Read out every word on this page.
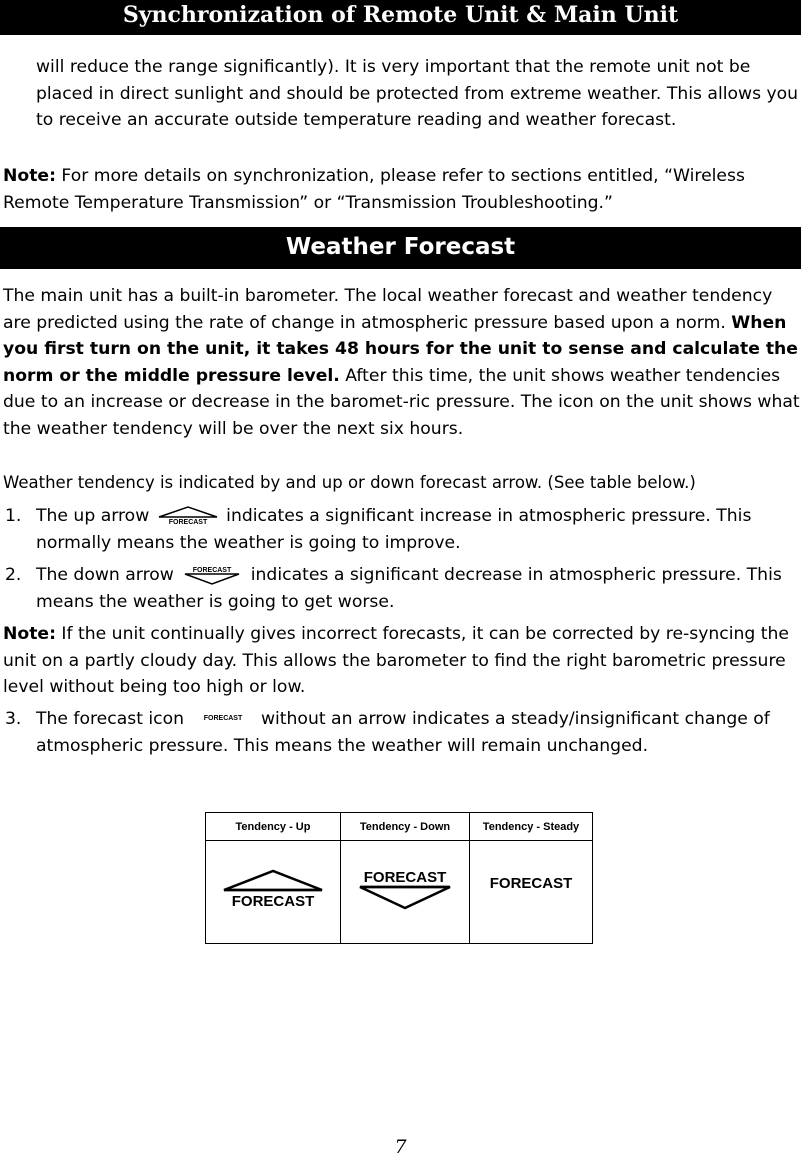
Synchronization of Remote Unit & Main Unit

will reduce the range significantly). It is very important that the remote unit not be placed in direct sunlight and should be protected from extreme weather. This allows you to receive an accurate outside temperature reading and weather forecast.

Note: For more details on synchronization, please refer to sections entitled, “Wireless Remote Temperature Transmission” or “Transmission Troubleshooting.”

Weather Forecast

The main unit has a built-in barometer. The local weather forecast and weather tendency are predicted using the rate of change in atmospheric pressure based upon a norm. When you first turn on the unit, it takes 48 hours for the unit to sense and calculate the norm or the middle pressure level. After this time, the unit shows weather tendencies due to an increase or decrease in the baromet-ric pressure. The icon on the unit shows what the weather tendency will be over the next six hours.

Weather tendency is indicated by and up or down forecast arrow. (See table below.)

1. The up arrow FORECAST indicates a significant increase in atmospheric pressure. This normally means the weather is going to improve.

2. The down arrow FORECAST indicates a significant decrease in atmospheric pressure. This means the weather is going to get worse.

Note: If the unit continually gives incorrect forecasts, it can be corrected by re-syncing the unit on a partly cloudy day. This allows the barometer to find the right barometric pressure level without being too high or low.

3. The forecast icon FORECAST without an arrow indicates a steady/insignificant change of atmospheric pressure. This means the weather will remain unchanged.

Tendency - Up	Tendency - Down	Tendency - Steady

FORECAST	FORECAST	FORECAST
7
